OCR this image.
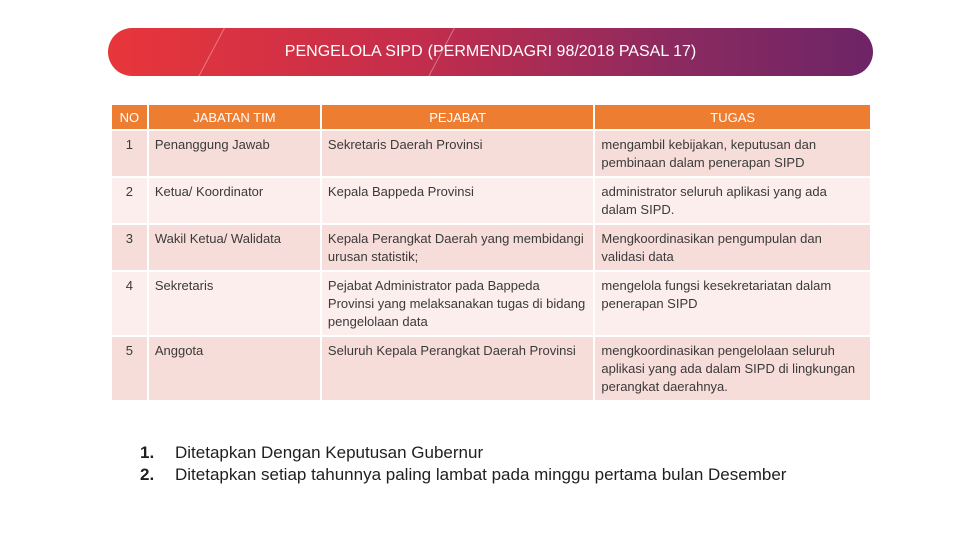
PENGELOLA SIPD (PERMENDAGRI 98/2018 PASAL 17)
NO	JABATAN TIM	PEJABAT	TUGAS
1	Penanggung Jawab	Sekretaris Daerah Provinsi	mengambil kebijakan, keputusan dan pembinaan dalam penerapan SIPD
2	Ketua/ Koordinator	Kepala Bappeda Provinsi	administrator seluruh aplikasi yang ada dalam SIPD.
3	Wakil Ketua/ Walidata	Kepala Perangkat Daerah yang membidangi urusan statistik;	Mengkoordinasikan pengumpulan dan validasi data
4	Sekretaris	Pejabat Administrator pada Bappeda Provinsi yang melaksanakan tugas di bidang pengelolaan data	mengelola fungsi kesekretariatan dalam penerapan SIPD
5	Anggota	Seluruh Kepala Perangkat Daerah Provinsi	mengkoordinasikan pengelolaan seluruh aplikasi yang ada dalam SIPD di lingkungan perangkat daerahnya.
1.	Ditetapkan Dengan Keputusan Gubernur
2.	Ditetapkan setiap tahunnya paling lambat pada minggu pertama bulan Desember
